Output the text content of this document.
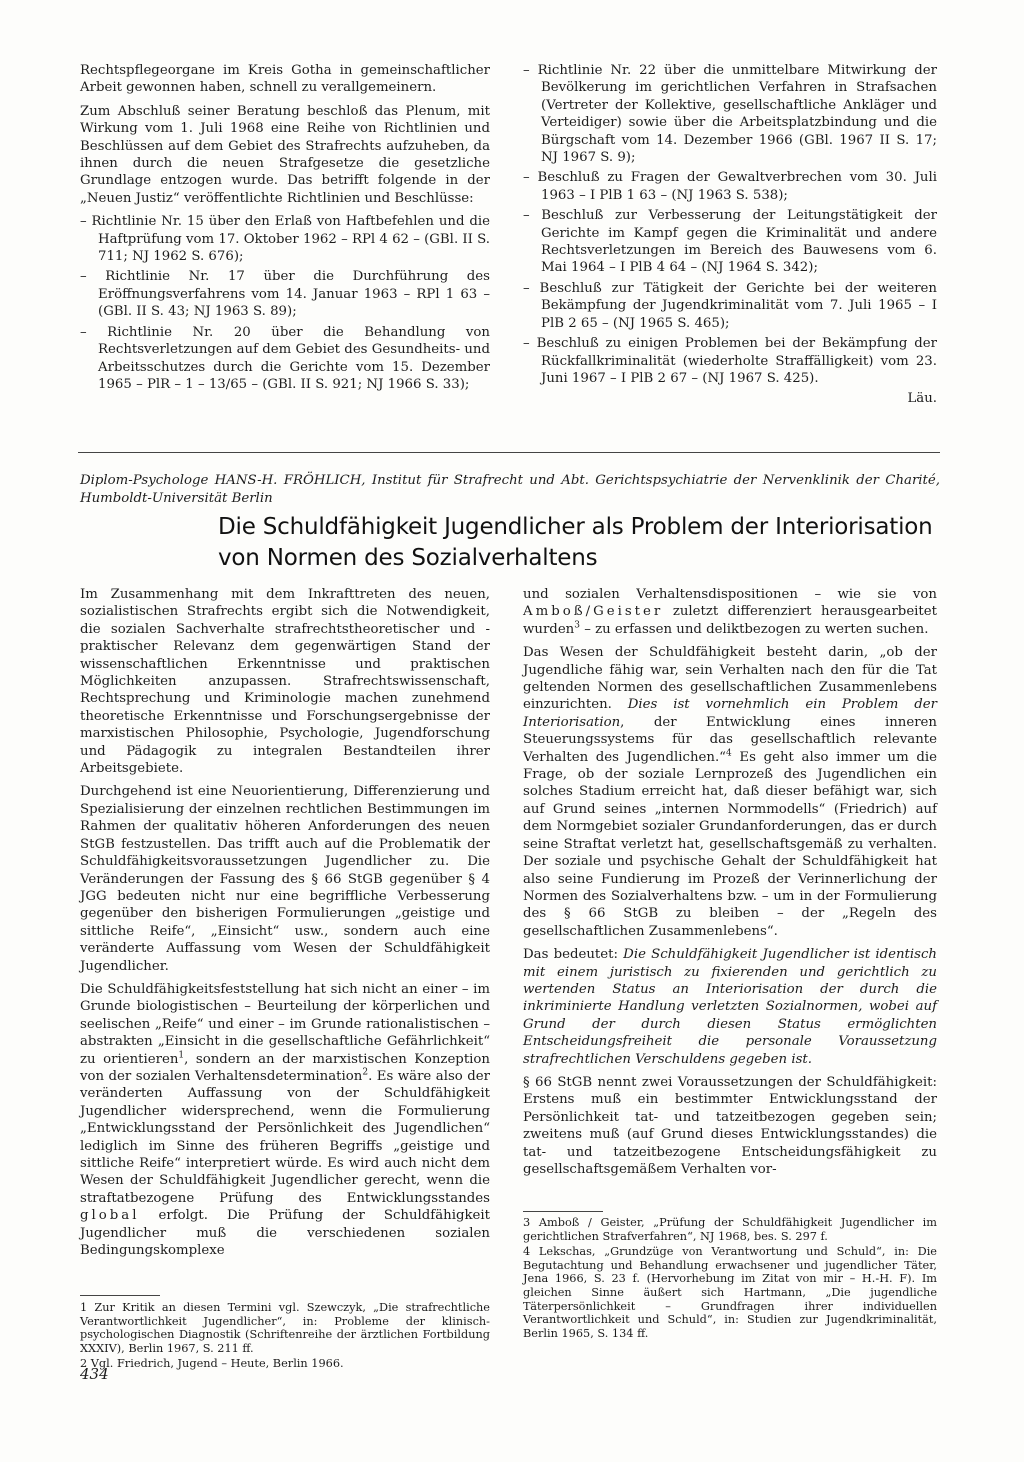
Rechtspflegeorgane im Kreis Gotha in gemeinschaftlicher Arbeit gewonnen haben, schnell zu verallgemeinern.

Zum Abschluß seiner Beratung beschloß das Plenum, mit Wirkung vom 1. Juli 1968 eine Reihe von Richtlinien und Beschlüssen auf dem Gebiet des Strafrechts aufzuheben, da ihnen durch die neuen Strafgesetze die gesetzliche Grundlage entzogen wurde. Das betrifft folgende in der „Neuen Justiz“ veröffentlichte Richtlinien und Beschlüsse:

– Richtlinie Nr. 15 über den Erlaß von Haftbefehlen und die Haftprüfung vom 17. Oktober 1962 – RPl 4 62 – (GBl. II S. 711; NJ 1962 S. 676);

– Richtlinie Nr. 17 über die Durchführung des Eröffnungsverfahrens vom 14. Januar 1963 – RPl 1 63 – (GBl. II S. 43; NJ 1963 S. 89);

– Richtlinie Nr. 20 über die Behandlung von Rechtsverletzungen auf dem Gebiet des Gesundheits- und Arbeitsschutzes durch die Gerichte vom 15. Dezember 1965 – PlR – 1 – 13/65 – (GBl. II S. 921; NJ 1966 S. 33);

– Richtlinie Nr. 22 über die unmittelbare Mitwirkung der Bevölkerung im gerichtlichen Verfahren in Strafsachen (Vertreter der Kollektive, gesellschaftliche Ankläger und Verteidiger) sowie über die Arbeitsplatzbindung und die Bürgschaft vom 14. Dezember 1966 (GBl. 1967 II S. 17; NJ 1967 S. 9);

– Beschluß zu Fragen der Gewaltverbrechen vom 30. Juli 1963 – I PlB 1 63 – (NJ 1963 S. 538);

– Beschluß zur Verbesserung der Leitungstätigkeit der Gerichte im Kampf gegen die Kriminalität und andere Rechtsverletzungen im Bereich des Bauwesens vom 6. Mai 1964 – I PlB 4 64 – (NJ 1964 S. 342);

– Beschluß zur Tätigkeit der Gerichte bei der weiteren Bekämpfung der Jugendkriminalität vom 7. Juli 1965 – I PlB 2 65 – (NJ 1965 S. 465);

– Beschluß zu einigen Problemen bei der Bekämpfung der Rückfallkriminalität (wiederholte Straffälligkeit) vom 23. Juni 1967 – I PlB 2 67 – (NJ 1967 S. 425).

Läu.

Diplom-Psychologe HANS-H. FRÖHLICH, Institut für Strafrecht und Abt. Gerichtspsychiatrie der Nervenklinik der Charité, Humboldt-Universität Berlin
Die Schuldfähigkeit Jugendlicher als Problem der Interiorisation von Normen des Sozialverhaltens

Im Zusammenhang mit dem Inkrafttreten des neuen, sozialistischen Strafrechts ergibt sich die Notwendigkeit, die sozialen Sachverhalte strafrechtstheoretischer und -praktischer Relevanz dem gegenwärtigen Stand der wissenschaftlichen Erkenntnisse und praktischen Möglichkeiten anzupassen. Strafrechtswissenschaft, Rechtsprechung und Kriminologie machen zunehmend theoretische Erkenntnisse und Forschungsergebnisse der marxistischen Philosophie, Psychologie, Jugendforschung und Pädagogik zu integralen Bestandteilen ihrer Arbeitsgebiete.

Durchgehend ist eine Neuorientierung, Differenzierung und Spezialisierung der einzelnen rechtlichen Bestimmungen im Rahmen der qualitativ höheren Anforderungen des neuen StGB festzustellen. Das trifft auch auf die Problematik der Schuldfähigkeitsvoraussetzungen Jugendlicher zu. Die Veränderungen der Fassung des § 66 StGB gegenüber § 4 JGG bedeuten nicht nur eine begriffliche Verbesserung gegenüber den bisherigen Formulierungen „geistige und sittliche Reife“, „Einsicht“ usw., sondern auch eine veränderte Auffassung vom Wesen der Schuldfähigkeit Jugendlicher.

Die Schuldfähigkeitsfeststellung hat sich nicht an einer – im Grunde biologistischen – Beurteilung der körperlichen und seelischen „Reife“ und einer – im Grunde rationalistischen – abstrakten „Einsicht in die gesellschaftliche Gefährlichkeit“ zu orientieren$^1$, sondern an der marxistischen Konzeption von der sozialen Verhaltensdetermination$^2$. Es wäre also der veränderten Auffassung von der Schuldfähigkeit Jugendlicher widersprechend, wenn die Formulierung „Entwicklungsstand der Persönlichkeit des Jugendlichen“ lediglich im Sinne des früheren Begriffs „geistige und sittliche Reife“ interpretiert würde. Es wird auch nicht dem Wesen der Schuldfähigkeit Jugendlicher gerecht, wenn die straftatbezogene Prüfung des Entwicklungsstandes global erfolgt. Die Prüfung der Schuldfähigkeit Jugendlicher muß die verschiedenen sozialen Bedingungskomplexe

und sozialen Verhaltensdispositionen – wie sie von Amboß/Geister zuletzt differenziert herausgearbeitet wurden$^3$ – zu erfassen und deliktbezogen zu werten suchen.

Das Wesen der Schuldfähigkeit besteht darin, „ob der Jugendliche fähig war, sein Verhalten nach den für die Tat geltenden Normen des gesellschaftlichen Zusammenlebens einzurichten. Dies ist vornehmlich ein Problem der Interiorisation, der Entwicklung eines inneren Steuerungssystems für das gesellschaftlich relevante Verhalten des Jugendlichen.“$^4$ Es geht also immer um die Frage, ob der soziale Lernprozeß des Jugendlichen ein solches Stadium erreicht hat, daß dieser befähigt war, sich auf Grund seines „internen Normmodells“ (Friedrich) auf dem Normgebiet sozialer Grundanforderungen, das er durch seine Straftat verletzt hat, gesellschaftsgemäß zu verhalten. Der soziale und psychische Gehalt der Schuldfähigkeit hat also seine Fundierung im Prozeß der Verinnerlichung der Normen des Sozialverhaltens bzw. – um in der Formulierung des § 66 StGB zu bleiben – der „Regeln des gesellschaftlichen Zusammenlebens“.

Das bedeutet: Die Schuldfähigkeit Jugendlicher ist identisch mit einem juristisch zu fixierenden und gerichtlich zu wertenden Status an Interiorisation der durch die inkriminierte Handlung verletzten Sozialnormen, wobei auf Grund der durch diesen Status ermöglichten Entscheidungsfreiheit die personale Voraussetzung strafrechtlichen Verschuldens gegeben ist.

§ 66 StGB nennt zwei Voraussetzungen der Schuldfähigkeit: Erstens muß ein bestimmter Entwicklungsstand der Persönlichkeit tat- und tatzeitbezogen gegeben sein; zweitens muß (auf Grund dieses Entwicklungsstandes) die tat- und tatzeitbezogene Entscheidungsfähigkeit zu gesellschaftsgemäßem Verhalten vor-

1 Zur Kritik an diesen Termini vgl. Szewczyk, „Die strafrechtliche Verantwortlichkeit Jugendlicher“, in: Probleme der klinisch-psychologischen Diagnostik (Schriftenreihe der ärztlichen Fortbildung XXXIV), Berlin 1967, S. 211 ff.

2 Vgl. Friedrich, Jugend – Heute, Berlin 1966.

3 Amboß / Geister, „Prüfung der Schuldfähigkeit Jugendlicher im gerichtlichen Strafverfahren“, NJ 1968, bes. S. 297 f.

4 Lekschas, „Grundzüge von Verantwortung und Schuld“, in: Die Begutachtung und Behandlung erwachsener und jugendlicher Täter, Jena 1966, S. 23 f. (Hervorhebung im Zitat von mir – H.-H. F). Im gleichen Sinne äußert sich Hartmann, „Die jugendliche Täterpersönlichkeit – Grundfragen ihrer individuellen Verantwortlichkeit und Schuld“, in: Studien zur Jugendkriminalität, Berlin 1965, S. 134 ff.

434
